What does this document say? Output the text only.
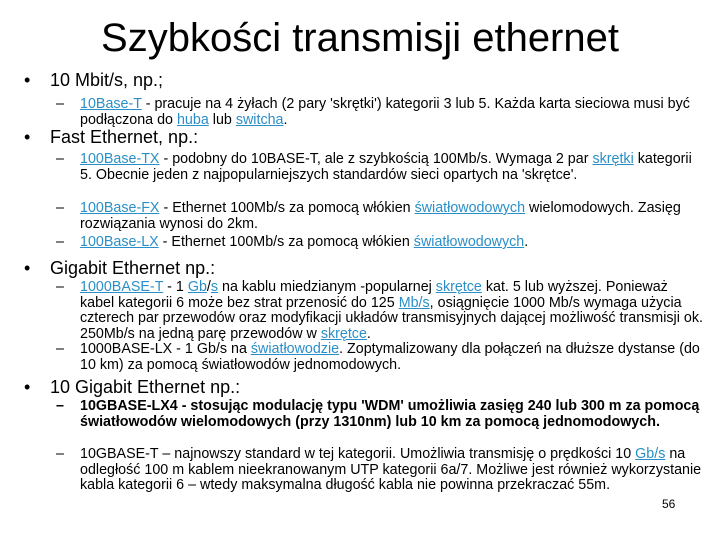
Szybkości transmisji ethernet
• 10 Mbit/s, np.;
–	10Base-T - pracuje na 4 żyłach (2 pary 'skrętki') kategorii 3 lub 5. Każda karta sieciowa musi być podłączona do huba lub switcha.
• Fast Ethernet, np.:
–	100Base-TX - podobny do 10BASE-T, ale z szybkością 100Mb/s. Wymaga 2 par skrętki kategorii 5. Obecnie jeden z najpopularniejszych standardów sieci opartych na 'skrętce'.
–	100Base-FX - Ethernet 100Mb/s za pomocą włókien światłowodowych wielomodowych. Zasięg rozwiązania wynosi do 2km.
–	100Base-LX - Ethernet 100Mb/s za pomocą włókien światłowodowych.
• Gigabit Ethernet np.:
–	1000BASE-T - 1 Gb/s na kablu miedzianym -popularnej skrętce kat. 5 lub wyższej. Ponieważ kabel kategorii 6 może bez strat przenosić do 125 Mb/s, osiągnięcie 1000 Mb/s wymaga użycia czterech par przewodów oraz modyfikacji układów transmisyjnych dającej możliwość transmisji ok. 250Mb/s na jedną parę przewodów w skrętce.
–	1000BASE-LX - 1 Gb/s na światłowodzie. Zoptymalizowany dla połączeń na dłuższe dystanse (do 10 km) za pomocą światłowodów jednomodowych.
• 10 Gigabit Ethernet np.:
–	10GBASE-LX4 - stosując modulację typu 'WDM' umożliwia zasięg 240 lub 300 m za pomocą światłowodów wielomodowych (przy 1310nm) lub 10 km za pomocą jednomodowych.
–	10GBASE-T – najnowszy standard w tej kategorii. Umożliwia transmisję o prędkości 10 Gb/s na odległość 100 m kablem nieekranowanym UTP kategorii 6a/7. Możliwe jest również wykorzystanie kabla kategorii 6 – wtedy maksymalna długość kabla nie powinna przekraczać 55m.
56
